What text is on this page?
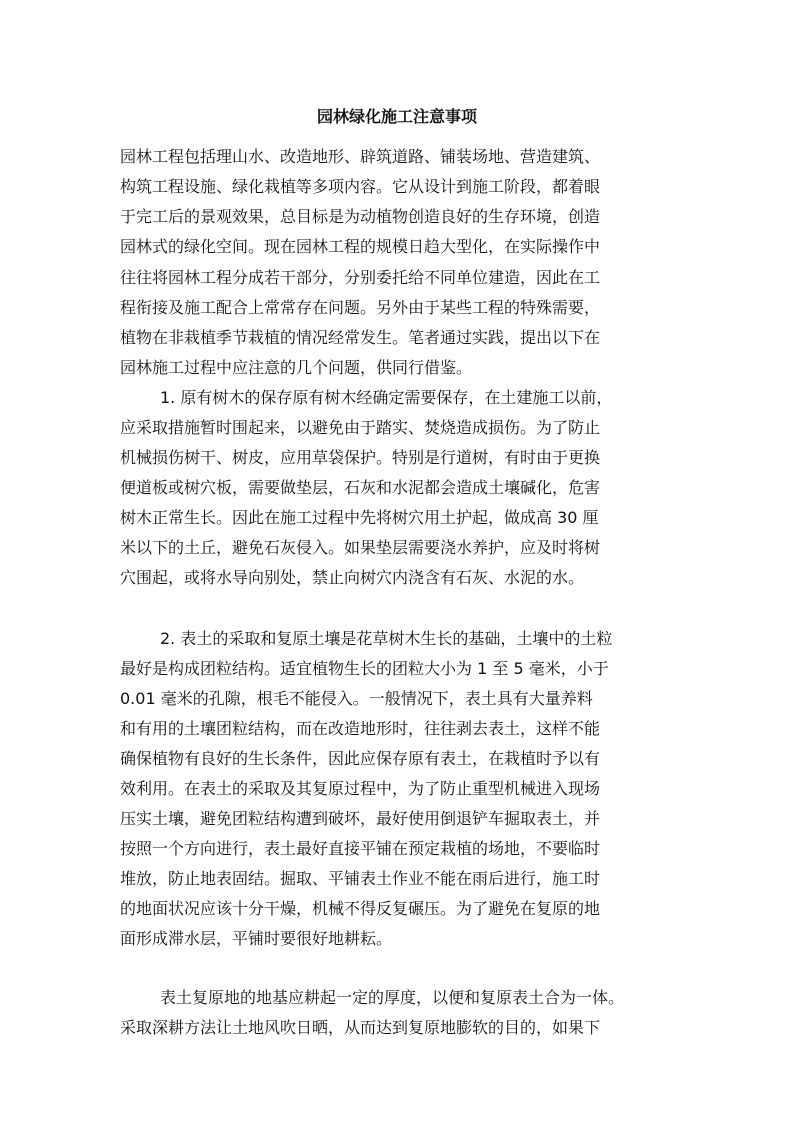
园林绿化施工注意事项
园林工程包括理山水、改造地形、辟筑道路、铺装场地、营造建筑、
构筑工程设施、绿化栽植等多项内容。它从设计到施工阶段，都着眼
于完工后的景观效果，总目标是为动植物创造良好的生存环境，创造
园林式的绿化空间。现在园林工程的规模日趋大型化，在实际操作中
往往将园林工程分成若干部分，分别委托给不同单位建造，因此在工
程衔接及施工配合上常常存在问题。另外由于某些工程的特殊需要，
植物在非栽植季节栽植的情况经常发生。笔者通过实践，提出以下在
园林施工过程中应注意的几个问题，供同行借鉴。
1. 原有树木的保存原有树木经确定需要保存，在土建施工以前，
应采取措施暂时围起来，以避免由于踏实、焚烧造成损伤。为了防止
机械损伤树干、树皮，应用草袋保护。特别是行道树，有时由于更换
便道板或树穴板，需要做垫层，石灰和水泥都会造成土壤碱化，危害
树木正常生长。因此在施工过程中先将树穴用土护起，做成高 30 厘
米以下的土丘，避免石灰侵入。如果垫层需要浇水养护，应及时将树
穴围起，或将水导向别处，禁止向树穴内浇含有石灰、水泥的水。
2. 表土的采取和复原土壤是花草树木生长的基础，土壤中的土粒
最好是构成团粒结构。适宜植物生长的团粒大小为 1 至 5 毫米，小于
0.01 毫米的孔隙，根毛不能侵入。一般情况下，表土具有大量养料
和有用的土壤团粒结构，而在改造地形时，往往剥去表土，这样不能
确保植物有良好的生长条件，因此应保存原有表土，在栽植时予以有
效利用。在表土的采取及其复原过程中，为了防止重型机械进入现场
压实土壤，避免团粒结构遭到破坏，最好使用倒退铲车掘取表土，并
按照一个方向进行，表土最好直接平铺在预定栽植的场地，不要临时
堆放，防止地表固结。掘取、平铺表土作业不能在雨后进行，施工时
的地面状况应该十分干燥，机械不得反复碾压。为了避免在复原的地
面形成滞水层，平铺时要很好地耕耘。
表土复原地的地基应耕起一定的厚度，以便和复原表土合为一体。
采取深耕方法让土地风吹日晒，从而达到复原地膨软的目的，如果下
